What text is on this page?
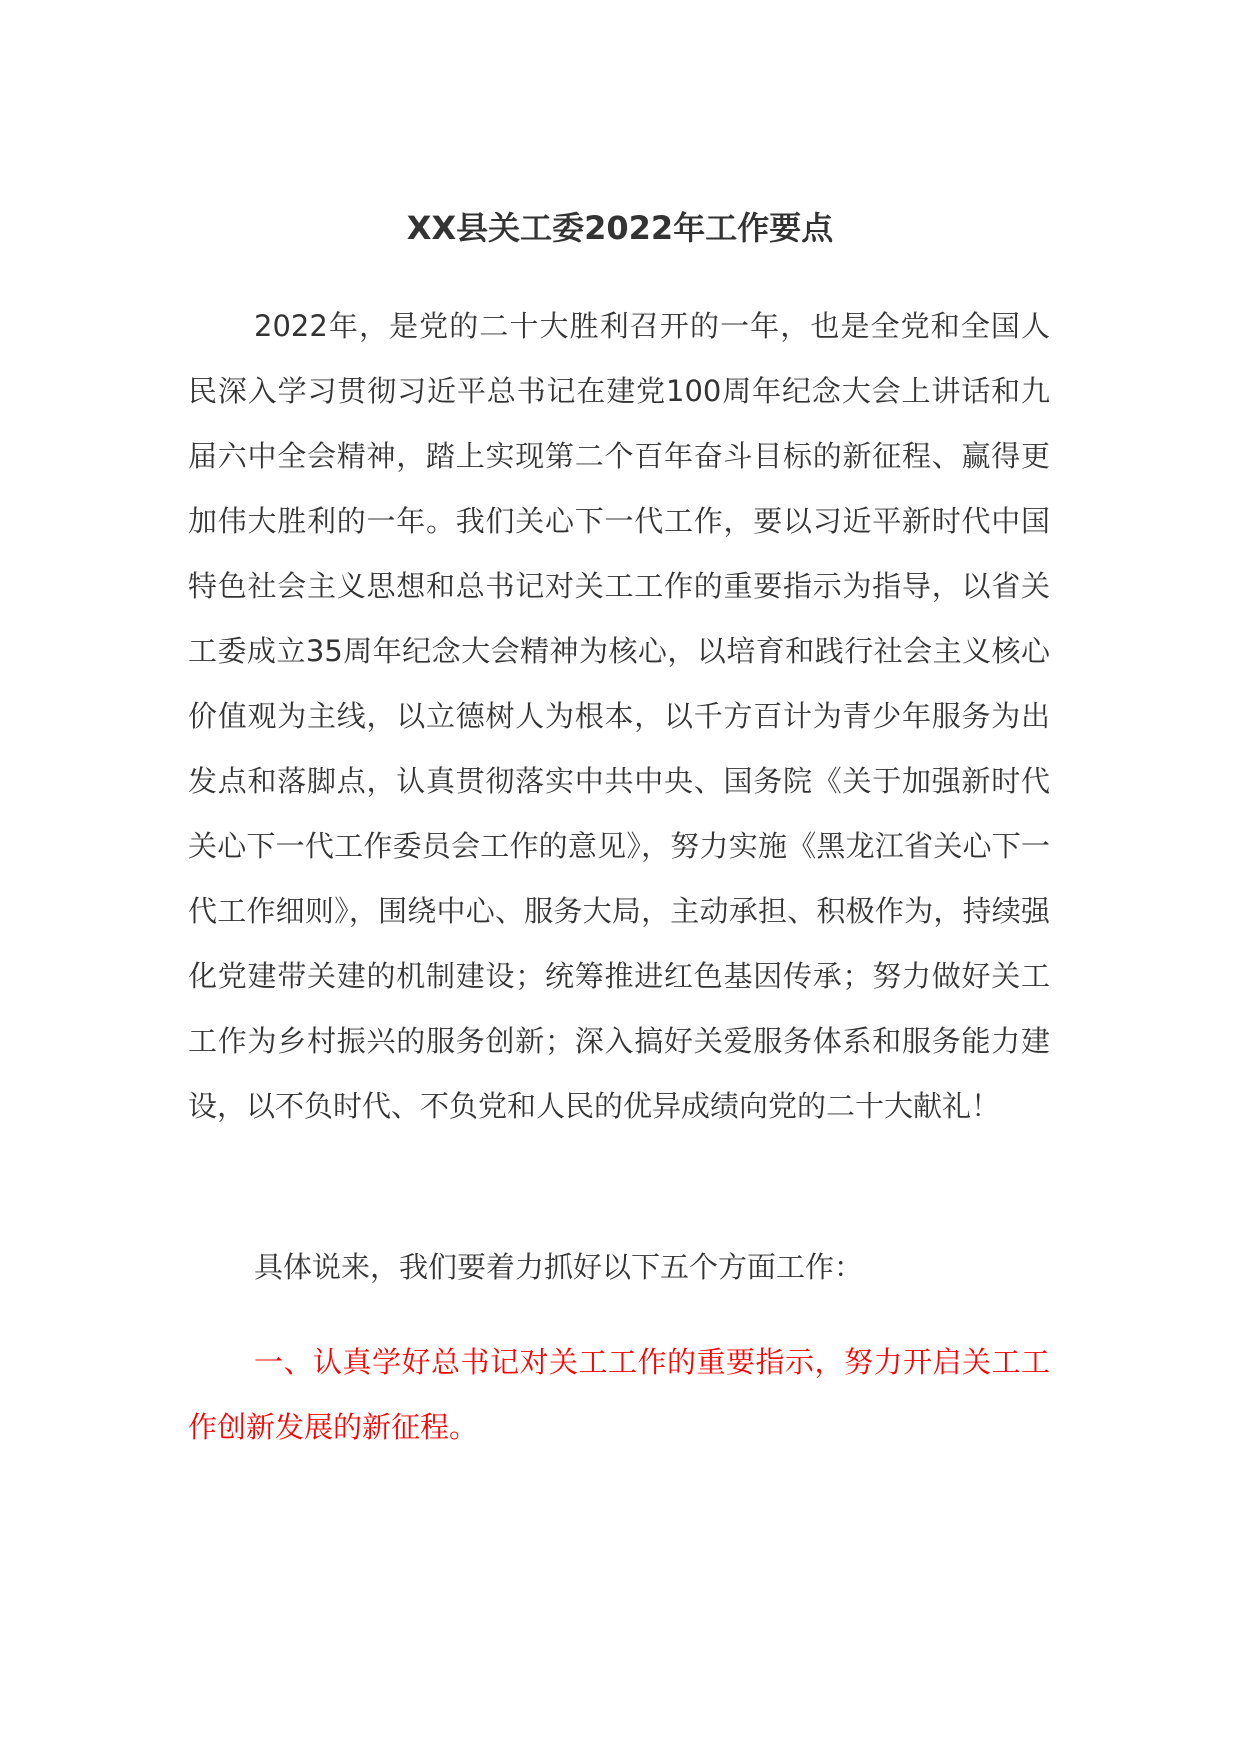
XX县关工委2022年工作要点

2022年，是党的二十大胜利召开的一年，也是全党和全国人民深入学习贯彻习近平总书记在建党100周年纪念大会上讲话和九届六中全会精神，踏上实现第二个百年奋斗目标的新征程、赢得更加伟大胜利的一年。我们关心下一代工作，要以习近平新时代中国特色社会主义思想和总书记对关工工作的重要指示为指导，以省关工委成立35周年纪念大会精神为核心，以培育和践行社会主义核心价值观为主线，以立德树人为根本，以千方百计为青少年服务为出发点和落脚点，认真贯彻落实中共中央、国务院《关于加强新时代关心下一代工作委员会工作的意见》，努力实施《黑龙江省关心下一代工作细则》，围绕中心、服务大局，主动承担、积极作为，持续强化党建带关建的机制建设；统筹推进红色基因传承；努力做好关工工作为乡村振兴的服务创新；深入搞好关爱服务体系和服务能力建设，以不负时代、不负党和人民的优异成绩向党的二十大献礼！

具体说来，我们要着力抓好以下五个方面工作：

一、认真学好总书记对关工工作的重要指示，努力开启关工工作创新发展的新征程。
